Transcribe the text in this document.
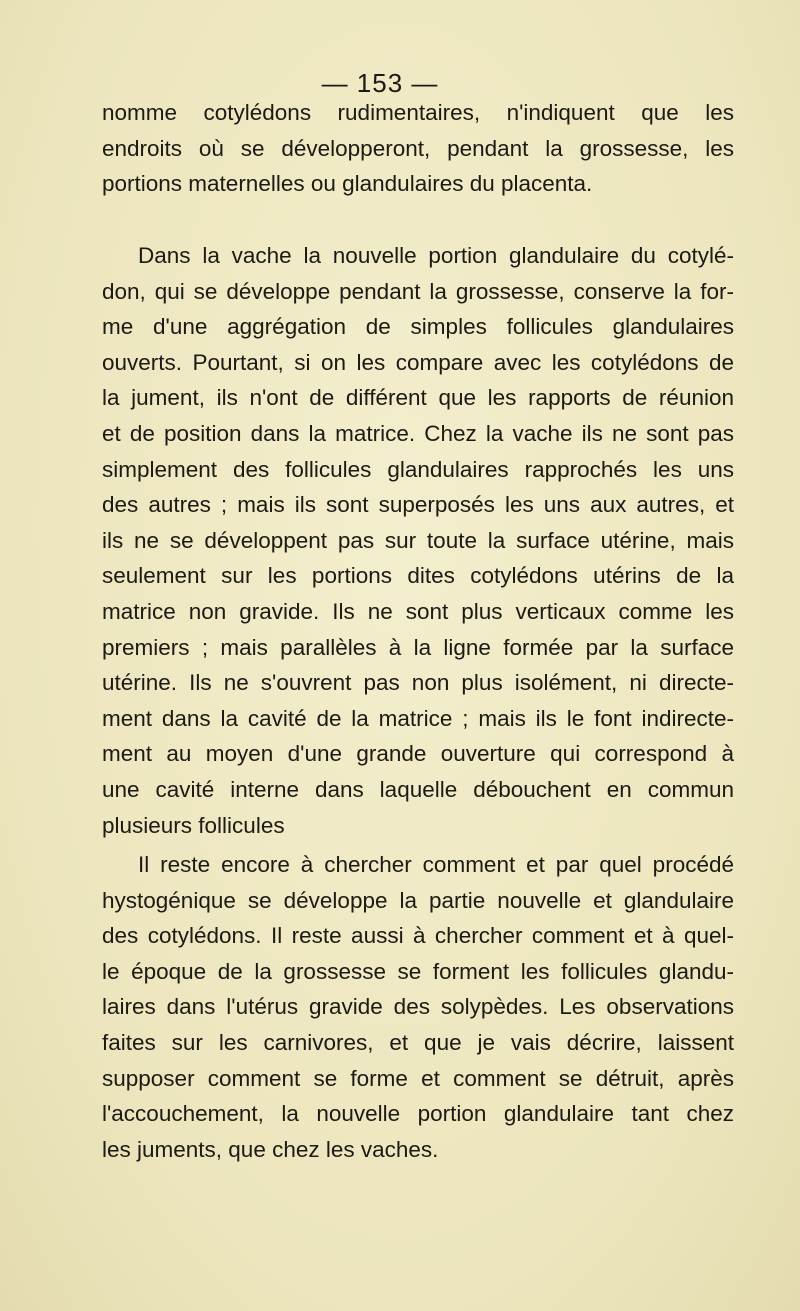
— 153 —
nomme cotylédons rudimentaires, n'indiquent que les
endroits où se développeront, pendant la grossesse, les
portions maternelles ou glandulaires du placenta.
Dans la vache la nouvelle portion glandulaire du cotylé-
don, qui se développe pendant la grossesse, conserve la for-
me d'une aggrégation de simples follicules glandulaires
ouverts. Pourtant, si on les compare avec les cotylédons de
la jument, ils n'ont de différent que les rapports de réunion
et de position dans la matrice. Chez la vache ils ne sont pas
simplement des follicules glandulaires rapprochés les uns
des autres ; mais ils sont superposés les uns aux autres, et
ils ne se développent pas sur toute la surface utérine, mais
seulement sur les portions dites cotylédons utérins de la
matrice non gravide. Ils ne sont plus verticaux comme les
premiers ; mais parallèles à la ligne formée par la surface
utérine. Ils ne s'ouvrent pas non plus isolément, ni directe-
ment dans la cavité de la matrice ; mais ils le font indirecte-
ment au moyen d'une grande ouverture qui correspond à
une cavité interne dans laquelle débouchent en commun
plusieurs follicules
Il reste encore à chercher comment et par quel procédé
hystogénique se développe la partie nouvelle et glandulaire
des cotylédons. Il reste aussi à chercher comment et à quel-
le époque de la grossesse se forment les follicules glandu-
laires dans l'utérus gravide des solypèdes. Les observations
faites sur les carnivores, et que je vais décrire, laissent
supposer comment se forme et comment se détruit, après
l'accouchement, la nouvelle portion glandulaire tant chez
les juments, que chez les vaches.
